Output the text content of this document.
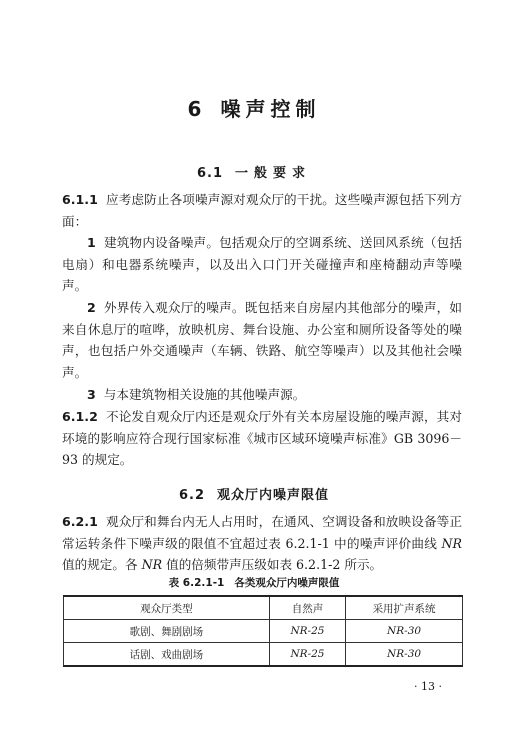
6 噪声控制
6.1 一般要求

6.1.1 应考虑防止各项噪声源对观众厅的干扰。这些噪声源包括下列方面：

1 建筑物内设备噪声。包括观众厅的空调系统、送回风系统（包括电扇）和电器系统噪声，以及出入口门开关碰撞声和座椅翻动声等噪声。

2 外界传入观众厅的噪声。既包括来自房屋内其他部分的噪声，如来自休息厅的喧哗，放映机房、舞台设施、办公室和厕所设备等处的噪声，也包括户外交通噪声（车辆、铁路、航空等噪声）以及其他社会噪声。

3 与本建筑物相关设施的其他噪声源。

6.1.2 不论发自观众厅内还是观众厅外有关本房屋设施的噪声源，其对环境的影响应符合现行国家标准《城市区域环境噪声标准》GB 3096－93 的规定。

6.2 观众厅内噪声限值

6.2.1 观众厅和舞台内无人占用时，在通风、空调设备和放映设备等正常运转条件下噪声级的限值不宜超过表 6.2.1-1 中的噪声评价曲线 NR 值的规定。各 NR 值的倍频带声压级如表 6.2.1-2 所示。

表 6.2.1-1 各类观众厅内噪声限值
观众厅类型	自然声	采用扩声系统
歌剧、舞剧剧场	NR-25	NR-30
话剧、戏曲剧场	NR-25	NR-30
· 13 ·
